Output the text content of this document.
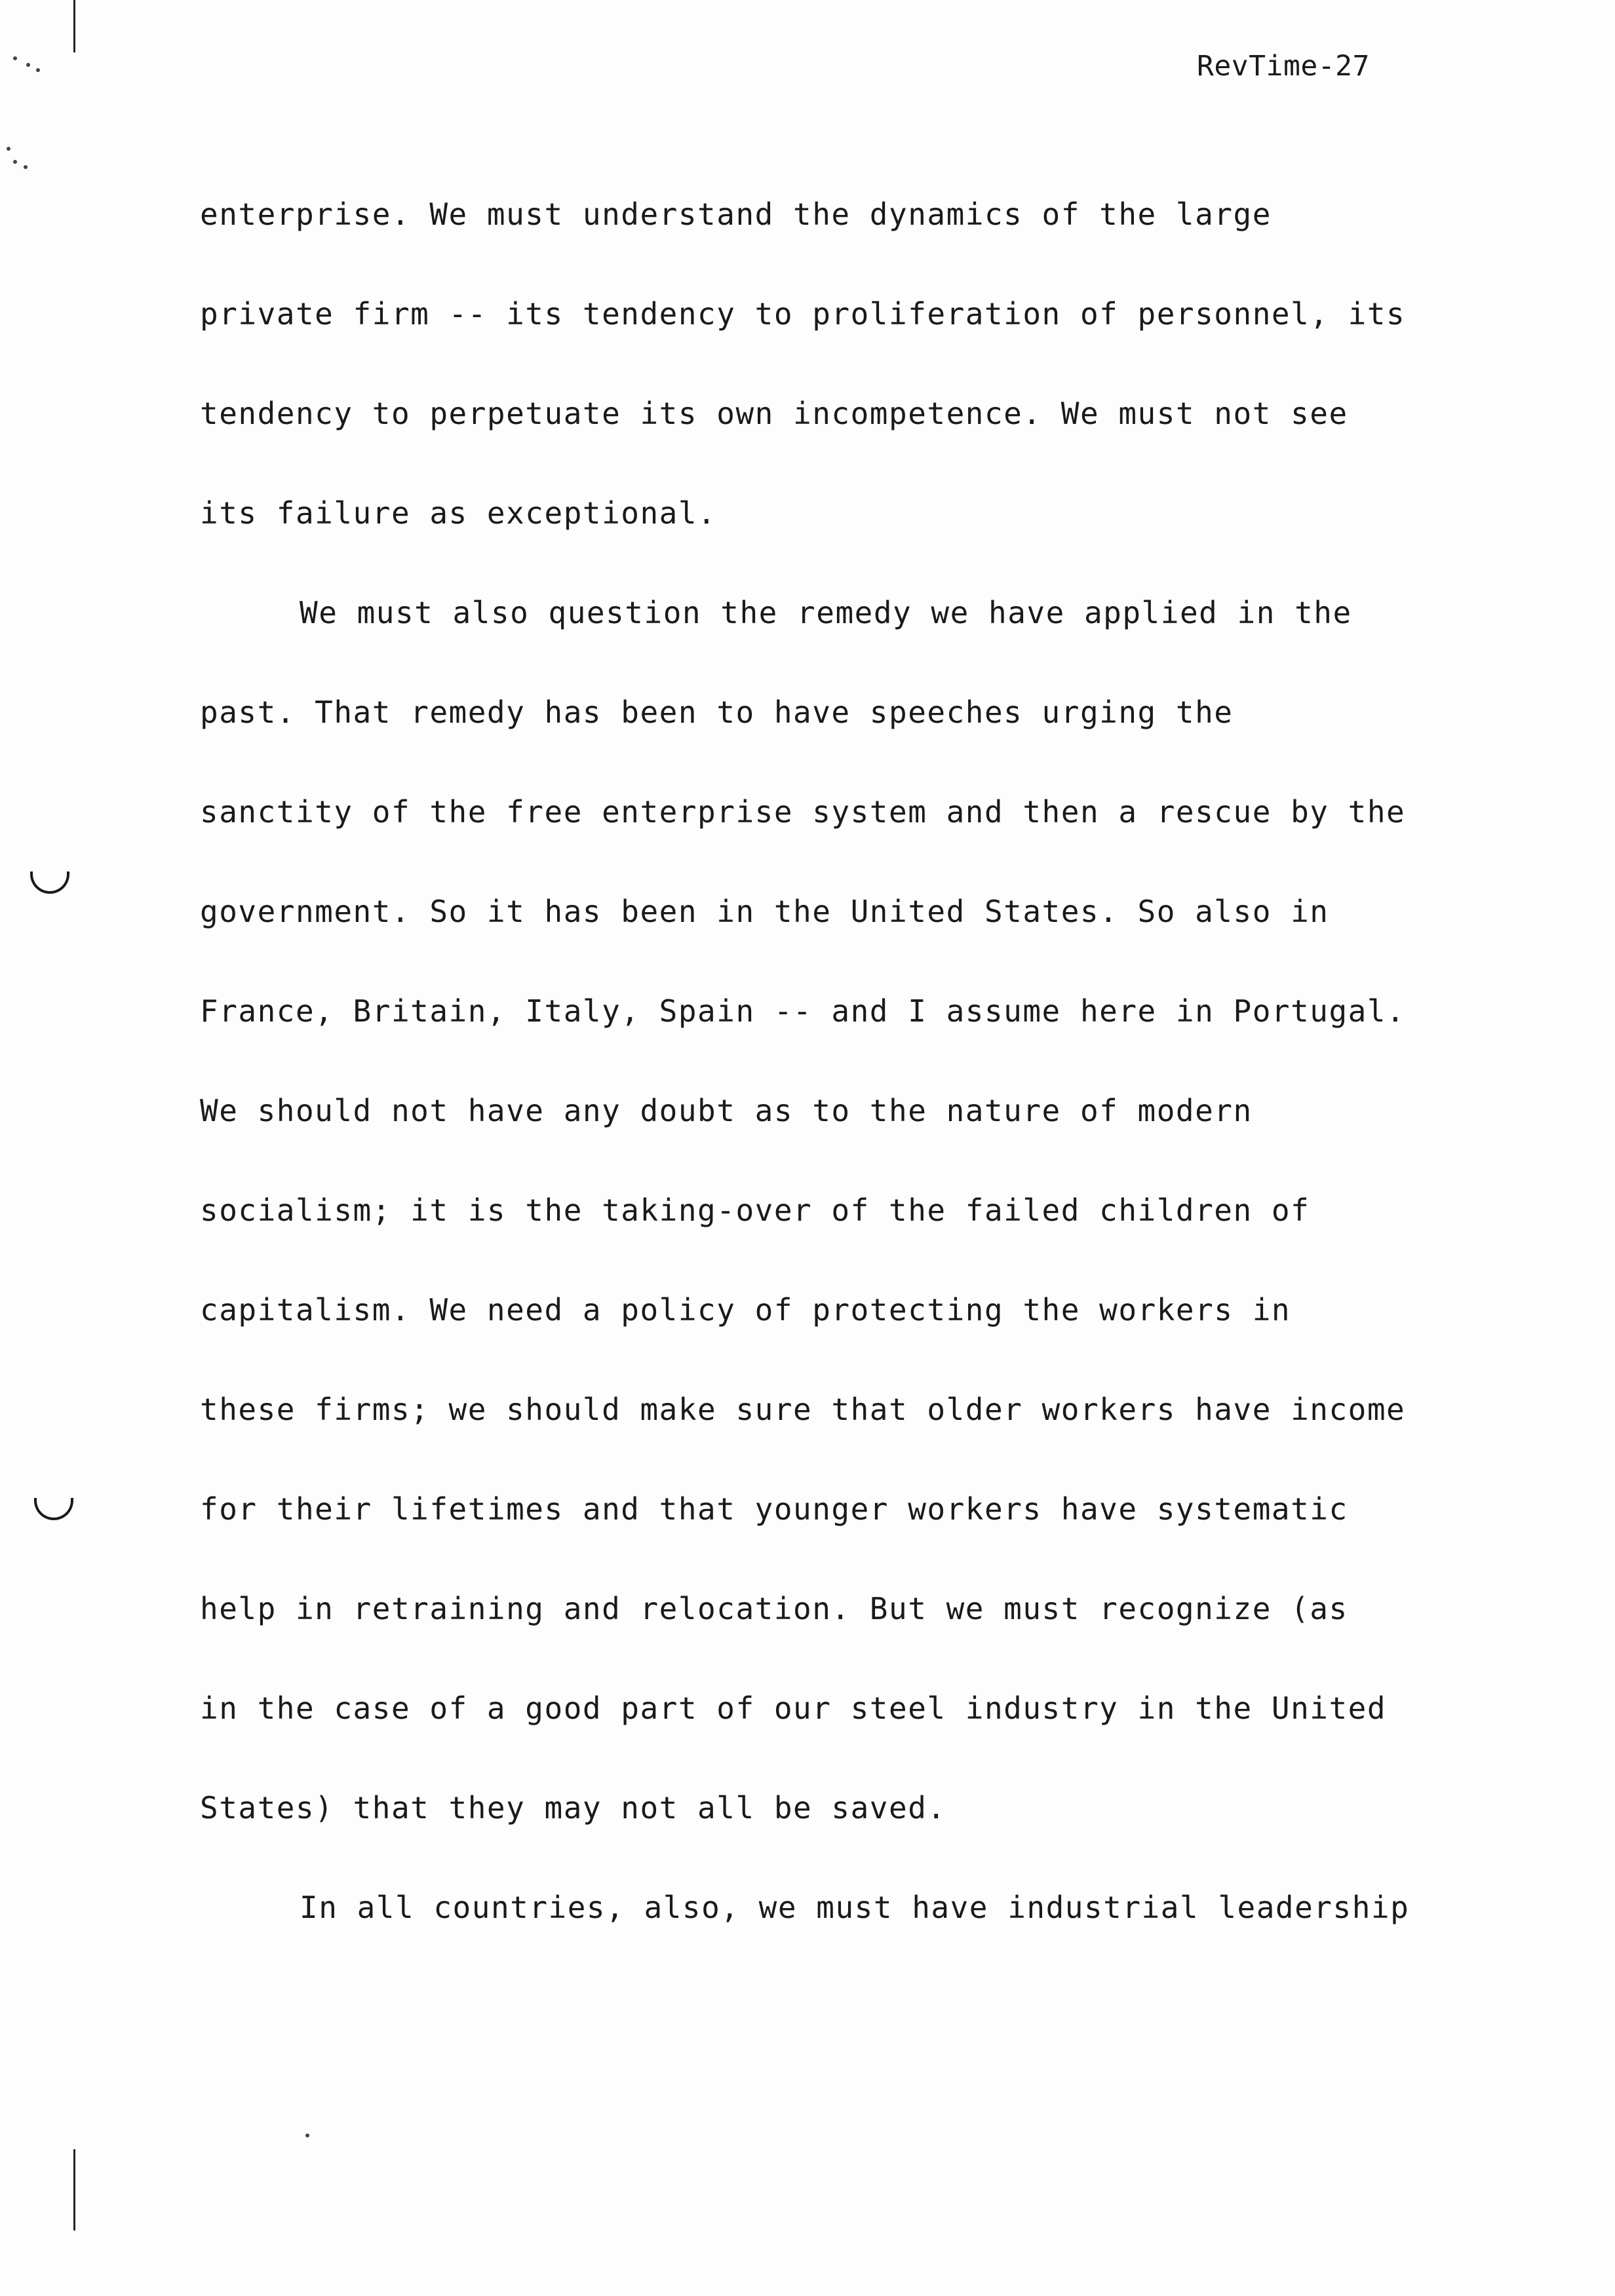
RevTime-27
enterprise. We must understand the dynamics of the large
private firm -- its tendency to proliferation of personnel, its
tendency to perpetuate its own incompetence. We must not see
its failure as exceptional.
We must also question the remedy we have applied in the
past. That remedy has been to have speeches urging the
sanctity of the free enterprise system and then a rescue by the
government. So it has been in the United States. So also in
France, Britain, Italy, Spain -- and I assume here in Portugal.
We should not have any doubt as to the nature of modern
socialism; it is the taking-over of the failed children of
capitalism. We need a policy of protecting the workers in
these firms; we should make sure that older workers have income
for their lifetimes and that younger workers have systematic
help in retraining and relocation. But we must recognize (as
in the case of a good part of our steel industry in the United
States) that they may not all be saved.
In all countries, also, we must have industrial leadership
